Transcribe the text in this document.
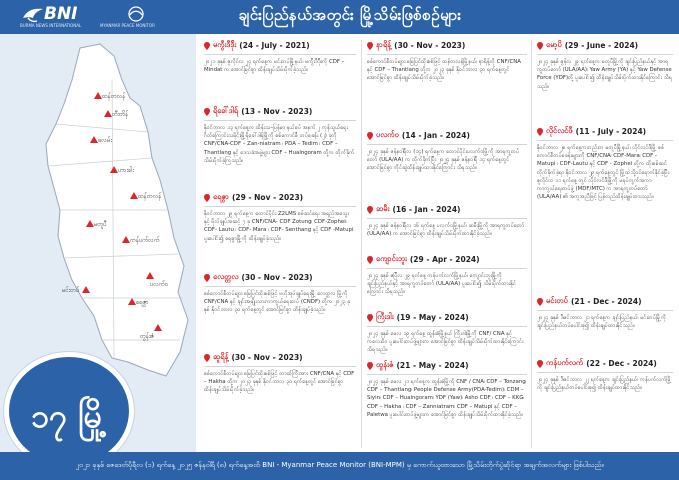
BNI
BURMA NEWS INTERNATIONAL	MYANMAR PEACE MONITOR
ချင်းပြည်နယ်အတွင်း မြို့သိမ်းဖြစ်စဉ်များ
ထန်တလန်
တီးတိန်
ဖလမ်း
ဟားခါး
ထန်တလန်
မတူပီ
ကန်ပက်လက်
ပလက်ဝ
မင်းတပ်
ရေဇွာ
တွန်းဇံ
၁၇ မြို့
မကွီးဒီဒ်ိုး (24 - July - 2021)
၂၀၂၁ ခုနှစ် ဇူလိုင်လ ၂၄ ရက်နေ့က မင်းတပ်မြို့နယ်၊ မကွီးဒီဒ်ိုးကို CDF – Mindat က အောင်မြင်စွာ ထိန်းချုပ်သိမ်းပိုက်ခဲ့သည်။
ရိခေါ်ဒါရ် (13 - Nov - 2023)
နိုဝင်ဘာလ ၁၃ ရက်နေ့က ထိန်းသ–ပြန်မာ နယ်စပ် အနက် ၂ ကုန်သွယ်ရေးဂိတ်ကြောင်းသမိုင်းမြို့ရိခေါ်ဒါရ်မြို့ကို စစ်ကောင်စီ တပ်စခန်း (၂) ခုကို CNF/CNA-CDF – Zan-niatram ၊ PDA – Tedim ၊ CDF – Thantlang နှင့် ဒေသခံအဖွဲ့များ CDF – Hualngoram တို့က တိုက်ခိုက်သိမ်းပိုက်ခဲ့ကြသည်။
ရေဇွာ (29 - Nov - 2023)
နိုဝင်ဘာလ ၂၉ ရက်နေ့က တောင်ပိုင်း Z2LMS စစ်ဆင်ရေး အရည်အသွေး နှင့် ဗိုလ်ချုပ်အဆင့် ၇ ခု CNF/CNA- CDF Zotung၊ CDF-Zophei၊ CDF- Lautu ၊ CDF- Mara ၊ CDF- Senthang နှင့် CDF -Matupi ပူးပေါင်း၍ ရေဇွာမြို့ကို ထိန်းချုပ်ခဲ့သည်။
လေတ္တလ (30 - Nov - 2023)
စစ်ကောင်စီတပ်များ မြေပြင်ထိုးစစ်ဖြင့် ဗဟိုအုပ်ချုပ်ရေးမြို့ လေတ္တလ မြို့ကို CNF/CNA နှင့် ချင်းအမျိုးသားကာကွယ်ရေးတပ် (CNDF) တို့က ၂၀၂၃ ခုနှစ် နိုဝင်ဘာလ ၃၀ ရက်နေ့တွင် အောင်မြင်စွာ ထိန်းချုပ်ခဲ့သည်။
ဆူရိန့် (30 - Nov - 2023)
စစ်ကောင်စီတပ်များ မြေပြင်ထိုးစစ်ဖြင့် တာထ်ကြီးအား CNF/CNA နှင့် CDF – Hakha တို့က ၂၀၂၃ ခုနှစ် နိုဝင်ဘာလ ၃၀ ရက်နေ့တွင် အောင်မြင်စွာ ထိန်းချုပ်သိမ်းပိုက်ခဲ့သည်။
နာရိန့် (30 - Nov - 2023)
စစ်ကောင်စီတပ်များ မြေပြင်ထိုးစစ်ဖြင့် ထန်တလန်မြို့နယ်၊ နာရိန့်ကို CNF/CNA နှင့် CDF – Thantlang တို့က ၂၀၂၃ ခုနှစ် နိုဝင်ဘာလ ၃၀ ရက်နေ့တွင် အောင်မြင်စွာ ထိန်းချုပ်သိမ်းပိုက်ခဲ့သည်။
ပလက်ဝ (14 - Jan - 2024)
၂၀၂၄ ခုနှစ် ဇန်နဝါရီလ (၁၄) ရက်နေ့က တောင်ပိုင်းပလက်ဝမြို့ကို အာရက္ခတပ်တော် (ULA/AA) က တိုက်ခိုက်ပြီး ၂၀၂၄ ခုနှစ် ဇန်နဝါရီ ၁၄ ရက်နေ့တွင် အောင်မြင်စွာ ကိုင်ဆွဲထိန်းချုပ်ထားနိုင်ကြောင်း သိရသည်။
ဆမီး (16 - Jan - 2024)
၂၀၂၄ ခုနှစ် ဇန်နဝါရီလ ၁၆ ရက်နေ့ ပလက်ဝမြို့နယ်၊ ဆမီးမြို့ကို အာရက္ခတပ်တော် (ULA/AA) က အောင်မြင်စွာ ထိန်းချုပ်သိမ်းပိုက်ထားနိုင်ခဲ့သည်။
ကျောင်းဘူး (29 - Apr - 2024)
၂၀၂၄ ခုနှစ် ဧပြီလ ၂၉ ရက်နေ့ ကန်ပက်လက်မြို့နယ်၊ ကျောင်းဘူးမြို့ကို ချင်းပြည်နယ်နှင့် အာရက္ခတပ်တော် (ULA/AA) ပူးပေါင်း၍ သိမ်းပိုက်ထားနိုင်ကြောင်း သိရသည်။
ကြီးဒါး (19 - May - 2024)
၂၀၂၄ ခုနှစ် မေလ ၁၉ ရက်နေ့ ထွန်းဇံမြို့နယ် ကြီးဒါးမြို့ကို CNF/ CNA နှင့် ကလေးဝိဝ ပူးပေါင်းတပ်ဖွဲ့များက အောင်မြင်စွာ ထိန်းချုပ်သိမ်းပိုက်ထားနိုင်ကြောင်း သိရသည်။
ထွန်းဇံ (21 - May - 2024)
၂၀၂၄ ခုနှစ် မေလ ၂၁ ရက်နေ့က ထွန်းဇံမြို့ကို CNF / CNA၊ CDF – Tonzang၊ CDF – Thantlang၊ People Defense Army(PDA-Tedim)၊ CDM – Siyin၊ CDF – Hualngoram၊ YDF (Yaw)၊ Asho CDF ၊ CDF – KKG၊ CDF – Hakha ၊ CDF – Zanniatram၊ CDF – Matupi နှင့် CDF – Paletwa ပူးပေါင်းတပ်ဖွဲ့များက အောင်မြင်စွာ ထိန်းချုပ်သိမ်းပိုက်ထားနိုင်ခဲ့သည်။
မော့ပိ (29 - June - 2024)
၂၀၂၄ ခုနှစ် ဇွန်လ ၂၉ ရက်နေ့က မတူပီမြို့ကို ချင်းပြည်နယ်နှင့် အာရက္ခတပ်တော် (ULA/AA)၊ Yaw Army (YA) နှင့် Yaw Defense Force (YDF)တို့ ပူးပေါင်း၍ ထိန်းချုပ်သိမ်းပိုက်ထားနိုင်ကြောင်း သိရသည်။
လိုင်လင်ဖီ (11 - July - 2024)
နိုဝင်ဘာလ ၂၈ ရက်နေ့ကတည်းက မတူပီမြို့နယ်၊ လိုင်လင်ဖီမြို့ စစ်ကောင်စီတပ်စခန်းများကို CNF/CNA၊ CDF-Mara၊ CDF -Matupi ၊ CDF-Lautu နှင့် CDF - Zophei တို့က ထိုးစစ်ဆင်တိုက်ခိုက်ခဲ့ရာ နိုဝင်ဘာလ ၂၉ ရက်နေ့တွင် မြို့ထဲသို့ဝင်ရောက်နိုင်ခဲ့ပြီး ဇူလိုင်လ ၁၁ ရက်နေ့ တွင် လိုင်လင်ဖီမြို့ကို မရပ်ကွက်အကာ ကာကွယ်ရေးတပ်ဖွဲ့ (MDF/MTC) က အာရက္ခတပ်တော် (ULA/AA) ၏ အကူအညီဖြင့် ပြန်လည်ထိန်းချုပ်ထားသည်။
မင်းတပ် (21 - Dec - 2024)
၂၀၂၄ ခုနှစ် ဒီဇင်ဘာလ ၂၁ ရက်နေ့က ချင်းပြည်နယ်၊ မင်းတပ်မြို့ကို ချင်းပြည်နယ်တပ်ပေါင်းစု၍ ထိန်းချုပ်ထားနိုင်သည်။
ကန်ပက်လက် (22 - Dec - 2024)
၂၀၂၄ ခုနှစ် ဒီဇင်ဘာလ ၂၂ ရက်နေ့က ချင်းပြည်နယ်၊ ကန်ပက်လက်မြို့ကို ချင်းပြည်နယ်တပ်ပေါင်းစု၍ ထိန်းချုပ်ထားနိုင်သည်။
၂၀၂၁ ခုနှစ် ဇေဒေတ်ပိုရီလ (၁) ရက်နေ့ ၂၀၂၅ ဇန်နဝါရီ (၈) ရက်နေ့အထိ BNI - Myanmar Peace Monitor (BNI-MPM) မှ ကောက်ယူထားသော မြို့သိမ်းတိုက်ပွဲဆိုင်ရာ အချက်အလက်များ ဖြစ်ပါသည်။
